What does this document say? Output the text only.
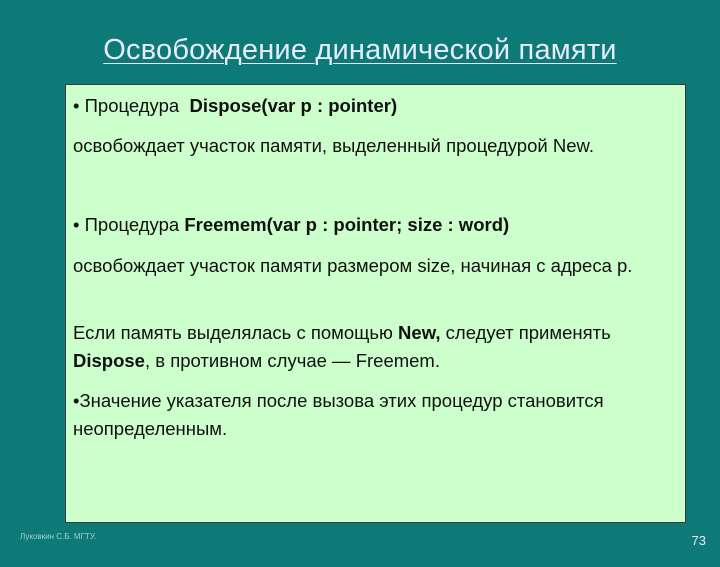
Освобождение динамической памяти

• Процедура  Dispose(var p : pointer)

освобождает участок памяти, выделенный процедурой New.

• Процедура Freemem(var p : pointer; size : word)

освобождает участок памяти размером size, начиная с адреса p.

Если память выделялась с помощью New, следует применять Dispose, в противном случае — Freemem.

•Значение указателя после вызова этих процедур становится неопределенным.

Луковкин С.Б. МГТУ.	73
